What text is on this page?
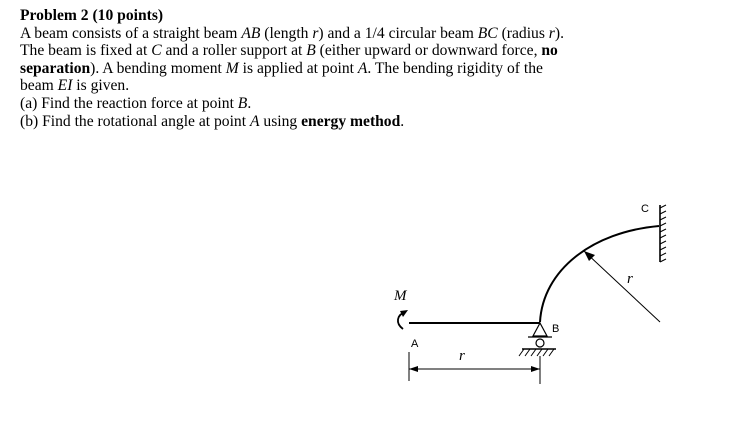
Problem 2 (10 points)
A beam consists of a straight beam AB (length r) and a 1/4 circular beam BC (radius r).
The beam is fixed at C and a roller support at B (either upward or downward force, no
separation). A bending moment M is applied at point A. The bending rigidity of the
beam EI is given.
(a) Find the reaction force at point B.
(b) Find the rotational angle at point A using energy method.
M
A
B
C
r
r
